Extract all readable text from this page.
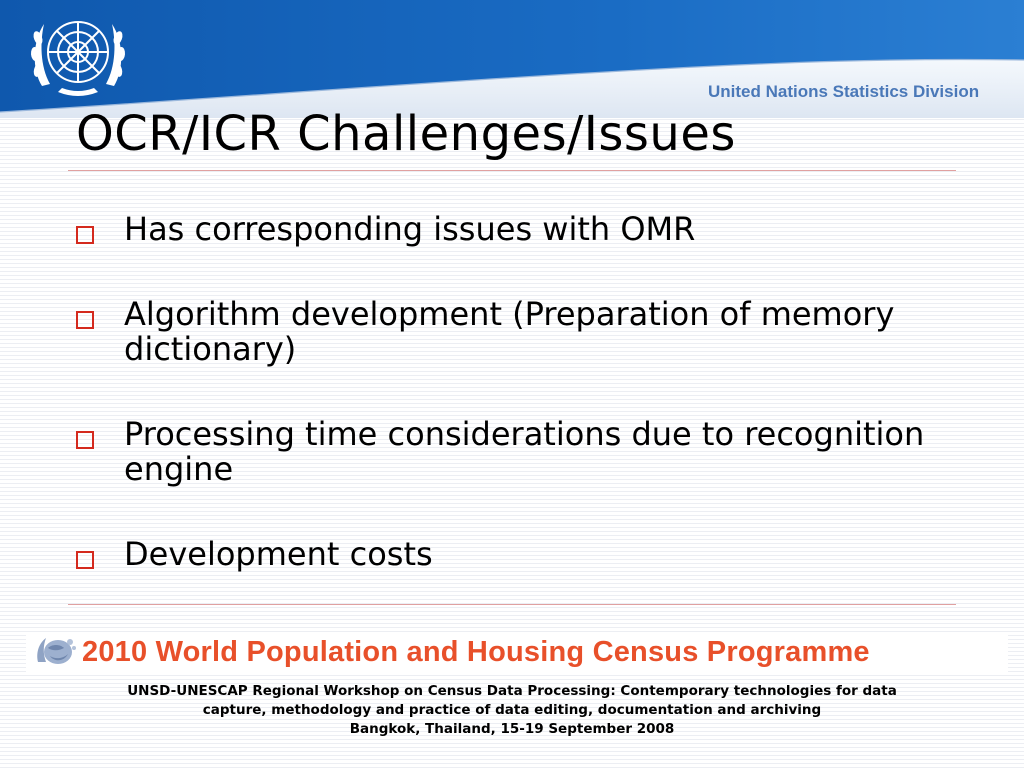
United Nations Statistics Division
OCR/ICR Challenges/Issues
Has corresponding issues with OMR
Algorithm development (Preparation of memory dictionary)
Processing time considerations due to recognition engine
Development costs
2010 World Population and Housing Census Programme
UNSD-UNESCAP Regional Workshop on Census Data Processing: Contemporary technologies for data
capture, methodology and practice of data editing, documentation and archiving
Bangkok, Thailand, 15-19 September 2008
